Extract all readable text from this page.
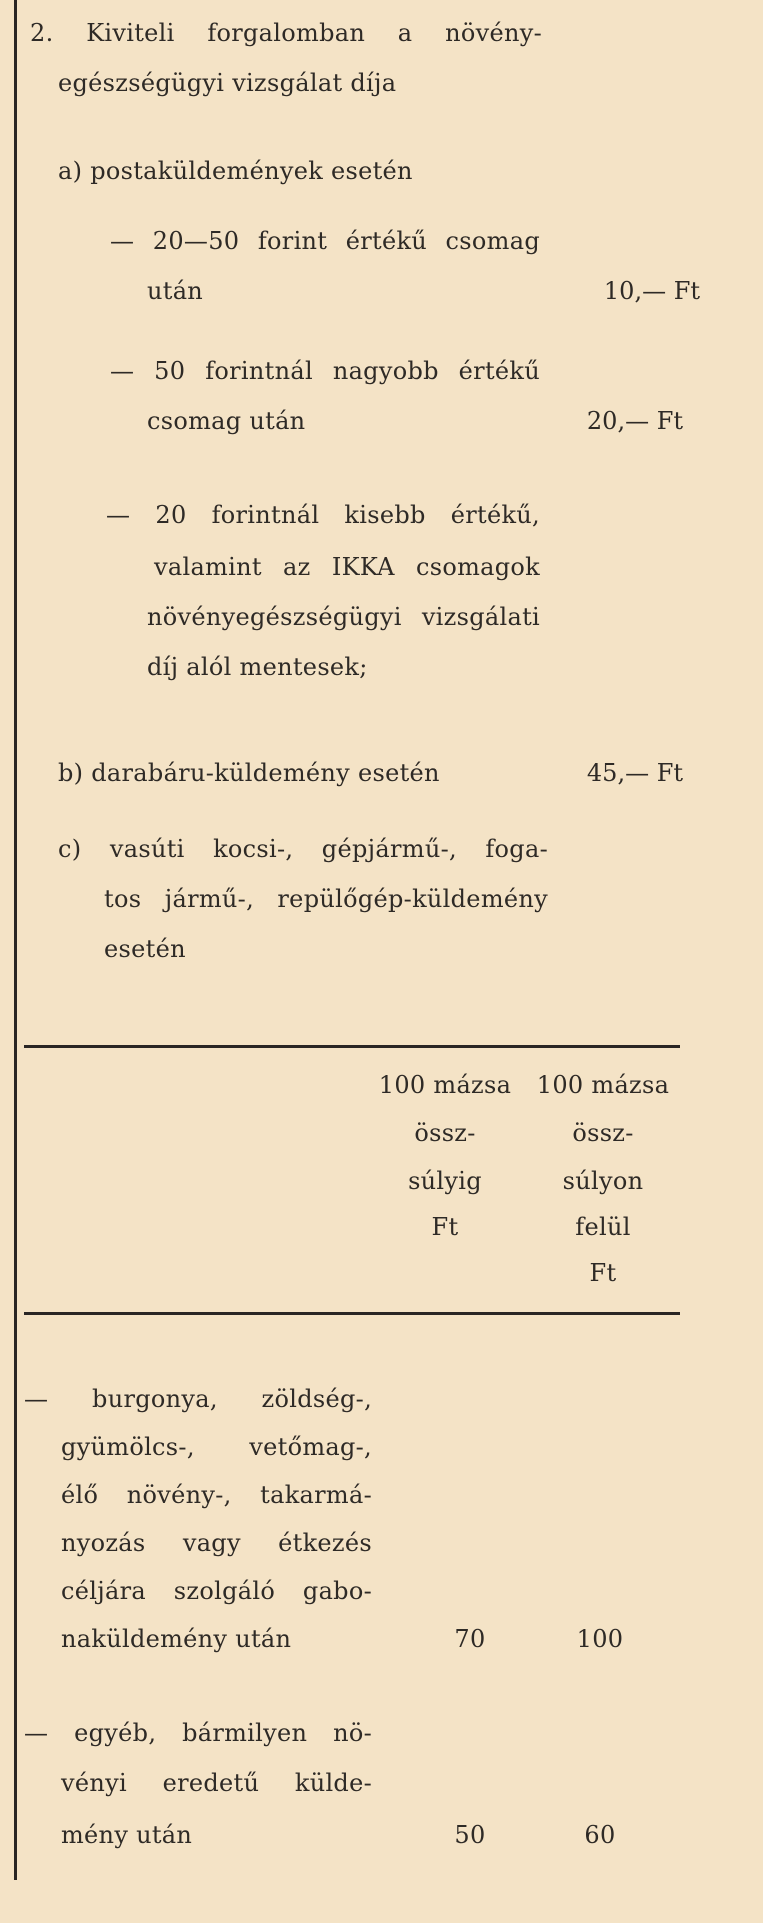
2. Kiviteli forgalomban a növény-
egészségügyi vizsgálat díja
a) postaküldemények esetén
— 20—50 forint értékű csomag
után	10,— Ft
— 50 forintnál nagyobb értékű
csomag után	20,— Ft
— 20 forintnál kisebb értékű,
valamint az IKKA csomagok
növényegészségügyi vizsgálati
díj alól mentesek;
b) darabáru-küldemény esetén	45,— Ft
c) vasúti kocsi-, gépjármű-, foga-
tos jármű-, repülőgép-küldemény
esetén
100 mázsa
össz-
súlyig
Ft
100 mázsa
össz-
súlyon
felül
Ft
— burgonya, zöldség-,
gyümölcs-, vetőmag-,
élő növény-, takarmá-
nyozás vagy étkezés
céljára szolgáló gabo-
naküldemény után	70	100
— egyéb, bármilyen nö-
vényi eredetű külde-
mény után	50	60
